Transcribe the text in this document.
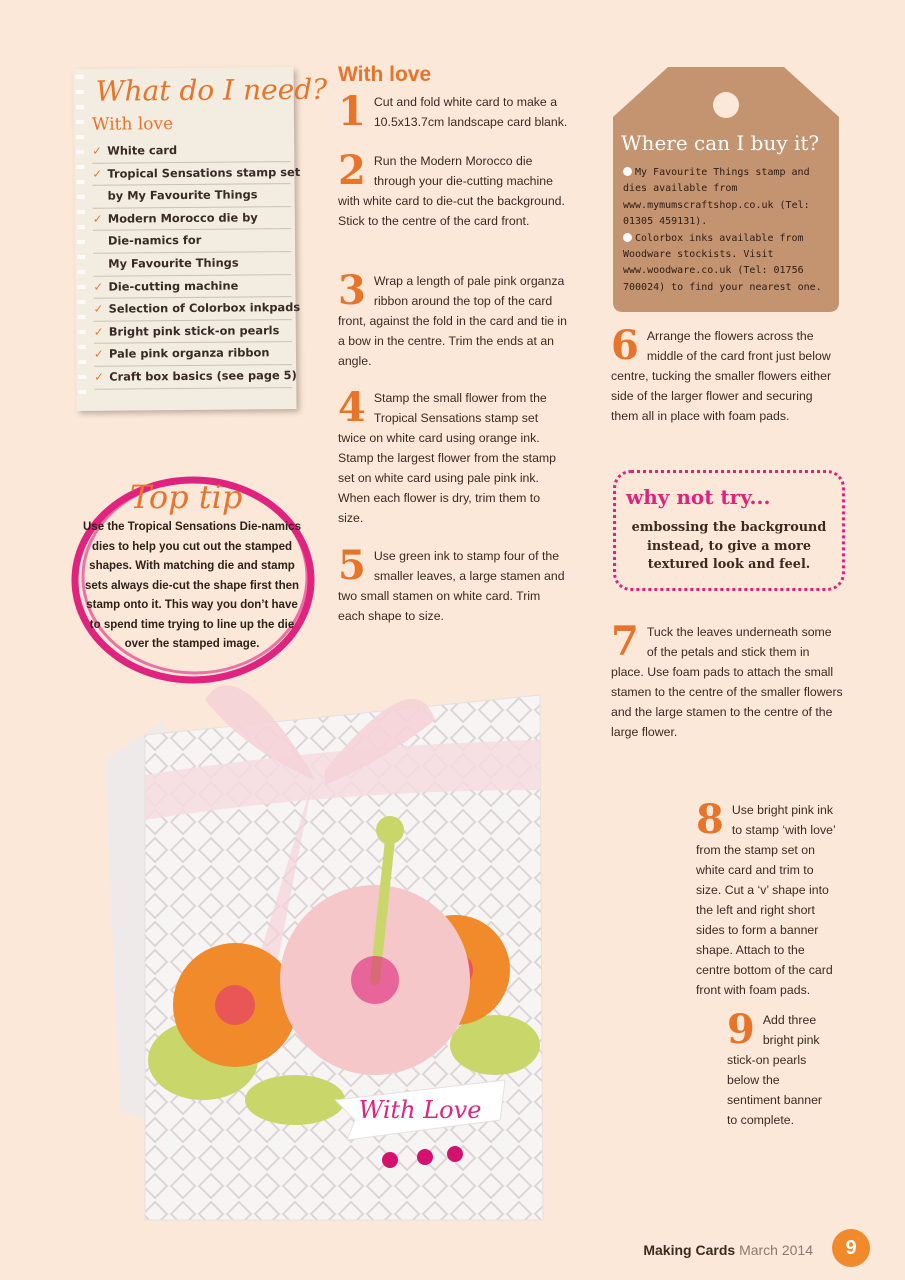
What do I need?
With love
✓ White card
✓ Tropical Sensations stamp set
by My Favourite Things
✓ Modern Morocco die by
Die-namics for
My Favourite Things
✓ Die-cutting machine
✓ Selection of Colorbox inkpads
✓ Bright pink stick-on pearls
✓ Pale pink organza ribbon
✓ Craft box basics (see page 5)
Top tip
Use the Tropical Sensations Die-namics dies to help you cut out the stamped shapes. With matching die and stamp sets always die-cut the shape first then stamp onto it. This way you don’t have to spend time trying to line up the die over the stamped image.
With love
1 Cut and fold white card to make a 10.5x13.7cm landscape card blank.
2 Run the Modern Morocco die through your die-cutting machine with white card to die-cut the background. Stick to the centre of the card front.
3 Wrap a length of pale pink organza ribbon around the top of the card front, against the fold in the card and tie in a bow in the centre. Trim the ends at an angle.
4 Stamp the small flower from the Tropical Sensations stamp set twice on white card using orange ink. Stamp the largest flower from the stamp set on white card using pale pink ink. When each flower is dry, trim them to size.
5 Use green ink to stamp four of the smaller leaves, a large stamen and two small stamen on white card. Trim each shape to size.
Where can I buy it?

My Favourite Things stamp and dies available from www.mymumscraftshop.co.uk (Tel: 01305 459131).

Colorbox inks available from Woodware stockists. Visit www.woodware.co.uk (Tel: 01756 700024) to find your nearest one.

6 Arrange the flowers across the middle of the card front just below centre, tucking the smaller flowers either side of the larger flower and securing them all in place with foam pads.
why not try...
embossing the background instead, to give a more textured look and feel.
7 Tuck the leaves underneath some of the petals and stick them in place. Use foam pads to attach the small stamen to the centre of the smaller flowers and the large stamen to the centre of the large flower.
8 Use bright pink ink to stamp ‘with love’ from the stamp set on white card and trim to size. Cut a ‘v’ shape into the left and right short sides to form a banner shape. Attach to the centre bottom of the card front with foam pads.
9 Add three bright pink stick-on pearls below the sentiment banner to complete.
With Love
Making Cards March 2014	9
